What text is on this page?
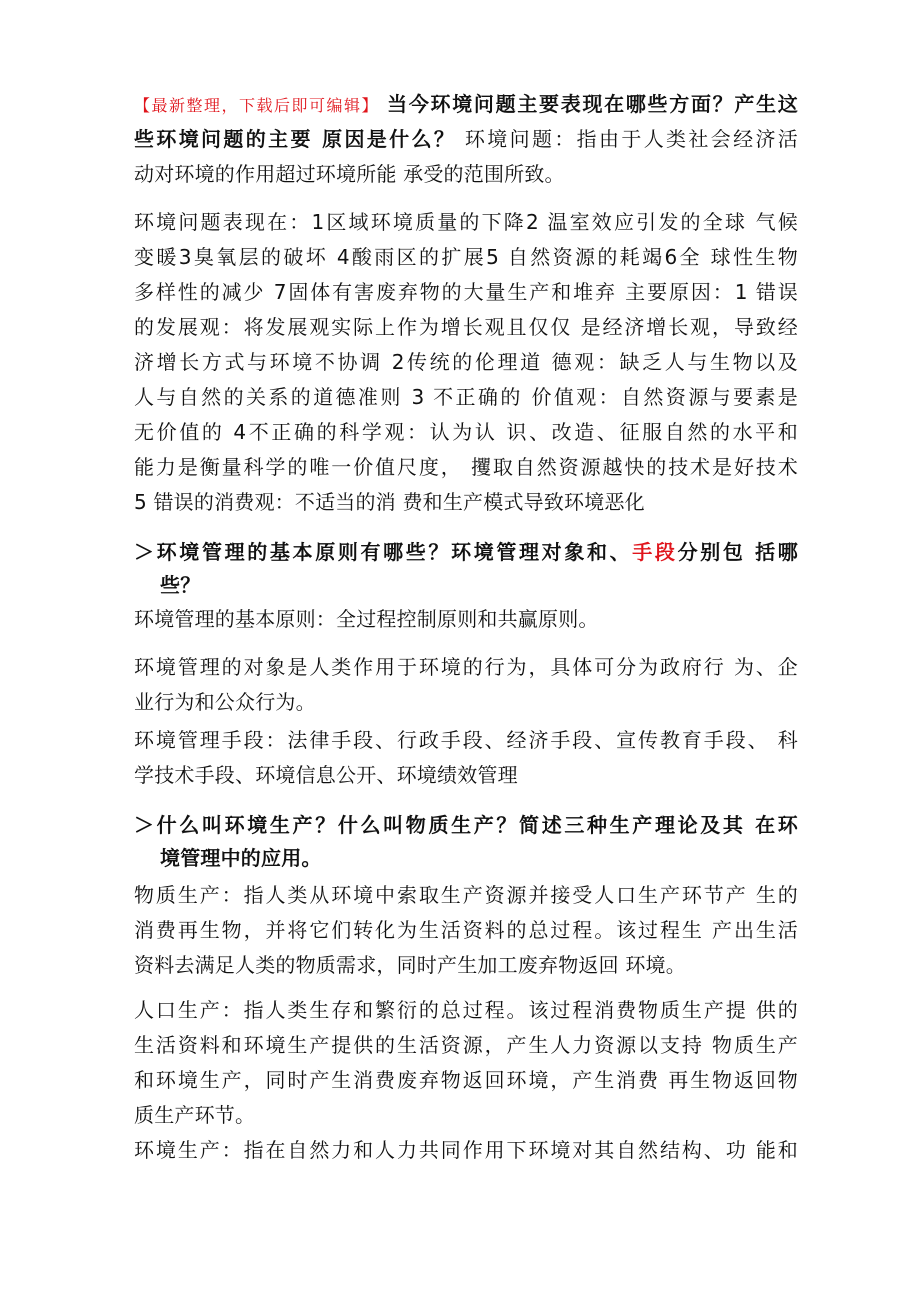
【最新整理，下载后即可编辑】 当今环境问题主要表现在哪些方面？产生这
些环境问题的主要 原因是什么？ 环境问题：指由于人类社会经济活
动对环境的作用超过环境所能 承受的范围所致。
环境问题表现在：1区域环境质量的下降2 温室效应引发的全球 气候
变暖3臭氧层的破坏 4酸雨区的扩展5 自然资源的耗竭6全 球性生物
多样性的减少 7固体有害废弃物的大量生产和堆弃 主要原因：1 错误
的发展观：将发展观实际上作为增长观且仅仅 是经济增长观，导致经
济增长方式与环境不协调 2传统的伦理道 德观：缺乏人与生物以及
人与自然的关系的道德准则 3 不正确的 价值观：自然资源与要素是
无价值的 4不正确的科学观：认为认 识、改造、征服自然的水平和
能力是衡量科学的唯一价值尺度， 攫取自然资源越快的技术是好技术
5 错误的消费观：不适当的消 费和生产模式导致环境恶化
＞环境管理的基本原则有哪些？环境管理对象和、手段分别包 括哪
些？
环境管理的基本原则：全过程控制原则和共赢原则。
环境管理的对象是人类作用于环境的行为，具体可分为政府行 为、企
业行为和公众行为。
环境管理手段：法律手段、行政手段、经济手段、宣传教育手段、 科
学技术手段、环境信息公开、环境绩效管理
＞什么叫环境生产？什么叫物质生产？简述三种生产理论及其 在环
境管理中的应用。
物质生产：指人类从环境中索取生产资源并接受人口生产环节产 生的
消费再生物，并将它们转化为生活资料的总过程。该过程生 产出生活
资料去满足人类的物质需求，同时产生加工废弃物返回 环境。
人口生产：指人类生存和繁衍的总过程。该过程消费物质生产提 供的
生活资料和环境生产提供的生活资源，产生人力资源以支持 物质生产
和环境生产，同时产生消费废弃物返回环境，产生消费 再生物返回物
质生产环节。
环境生产：指在自然力和人力共同作用下环境对其自然结构、功 能和
